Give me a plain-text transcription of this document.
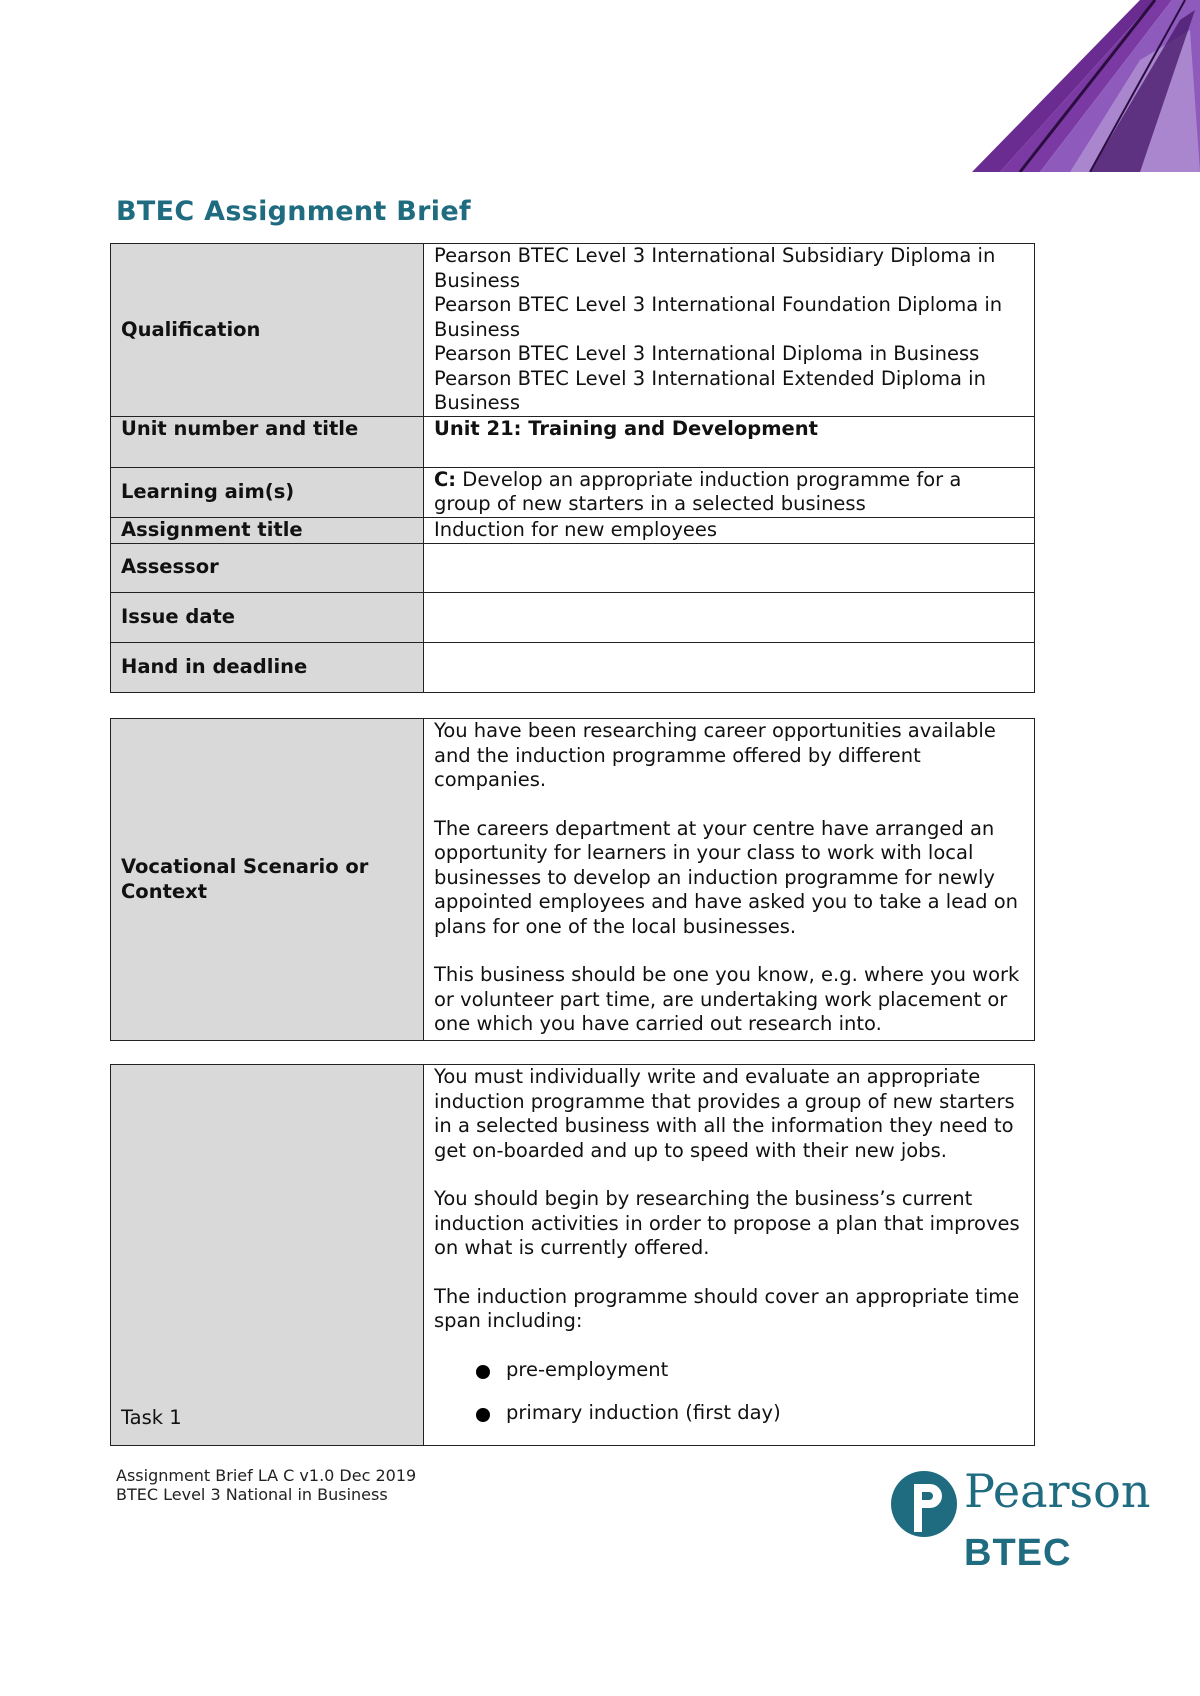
BTEC Assignment Brief
Qualification	Pearson BTEC Level 3 International Subsidiary Diploma in Business
Pearson BTEC Level 3 International Foundation Diploma in Business
Pearson BTEC Level 3 International Diploma in Business
Pearson BTEC Level 3 International Extended Diploma in Business

Unit number and title	Unit 21: Training and Development
Learning aim(s)	C: Develop an appropriate induction programme for a group of new starters in a selected business
Assignment title	Induction for new employees
Assessor	
Issue date	
Hand in deadline	
Vocational Scenario or Context	

You have been researching career opportunities available and the induction programme offered by different companies.

The careers department at your centre have arranged an opportunity for learners in your class to work with local businesses to develop an induction programme for newly appointed employees and have asked you to take a lead on plans for one of the local businesses.

This business should be one you know, e.g. where you work or volunteer part time, are undertaking work placement or one which you have carried out research into.

Task 1	

You must individually write and evaluate an appropriate induction programme that provides a group of new starters in a selected business with all the information they need to get on-boarded and up to speed with their new jobs.

You should begin by researching the business’s current induction activities in order to propose a plan that improves on what is currently offered.

The induction programme should cover an appropriate time span including:

pre-employment
primary induction (first day)
Assignment Brief LA C v1.0 Dec 2019
BTEC Level 3 National in Business	Pearson
BTEC
